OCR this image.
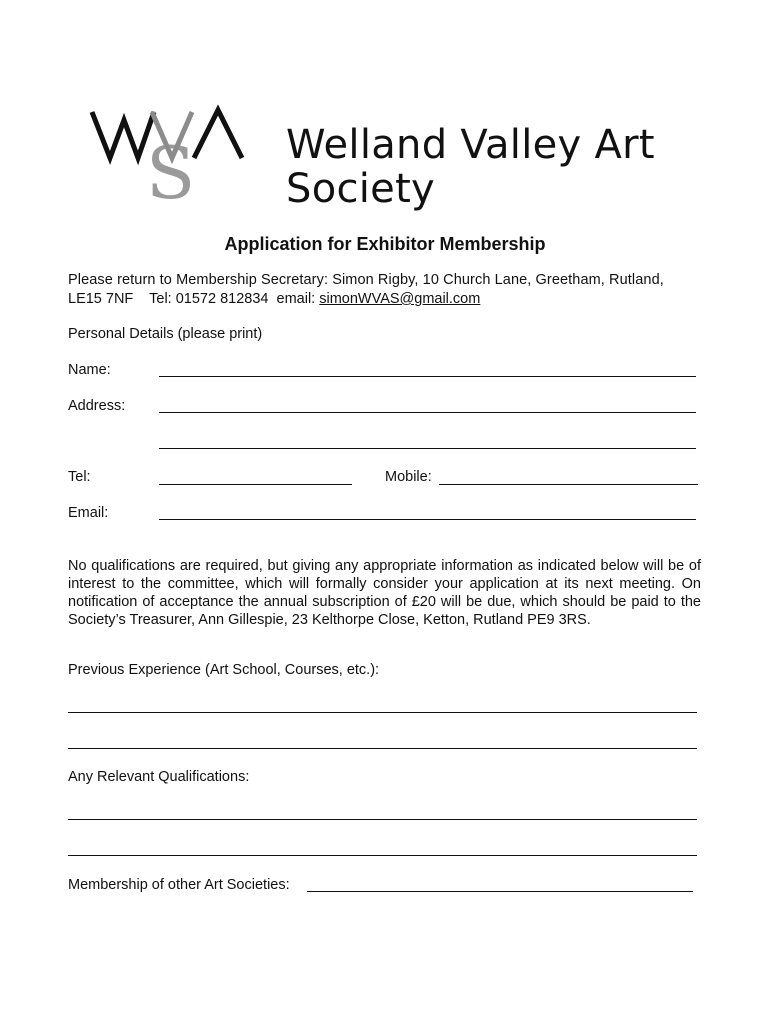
S Welland Valley Art
Society
Application for Exhibitor Membership
Please return to Membership Secretary: Simon Rigby, 10 Church Lane, Greetham, Rutland,
LE15 7NF    Tel: 01572 812834  email: simonWVAS@gmail.com
Personal Details (please print)
Name:
Address:
Tel:	Mobile:
Email:
No qualifications are required, but giving any appropriate information as indicated below will be of interest to the committee, which will formally consider your application at its next meeting. On notification of acceptance the annual subscription of £20 will be due, which should be paid to the Society’s Treasurer, Ann Gillespie, 23 Kelthorpe Close, Ketton, Rutland PE9 3RS.
Previous Experience (Art School, Courses, etc.):
Any Relevant Qualifications:
Membership of other Art Societies:
